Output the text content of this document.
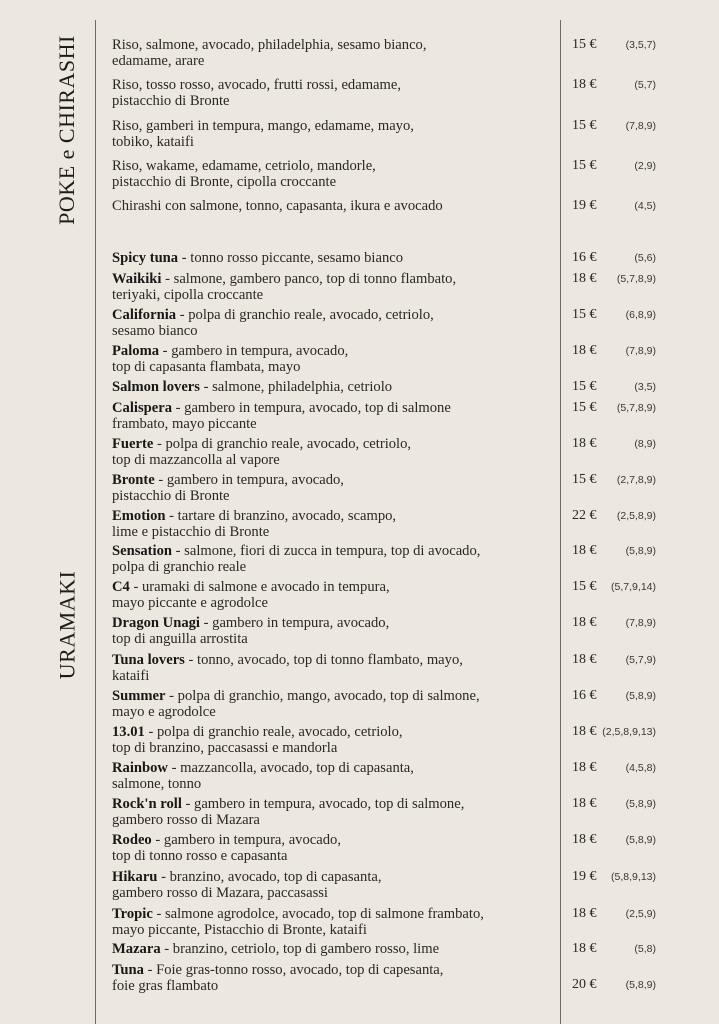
POKE e CHIRASHI
URAMAKI
Riso, salmone, avocado, philadelphia, sesamo bianco,
edamame, arare
15 €	(3,5,7)
Riso, tosso rosso, avocado, frutti rossi, edamame,
pistacchio di Bronte
18 €	(5,7)
Riso, gamberi in tempura, mango, edamame, mayo,
tobiko, kataifi
15 €	(7,8,9)
Riso, wakame, edamame, cetriolo, mandorle,
pistacchio di Bronte, cipolla croccante
15 €	(2,9)
Chirashi con salmone, tonno, capasanta, ikura e avocado	19 €	(4,5)
Spicy tuna - tonno rosso piccante, sesamo bianco	16 €	(5,6)
Waikiki - salmone, gambero panco, top di tonno flambato,
teriyaki, cipolla croccante
18 €	(5,7,8,9)
California - polpa di granchio reale, avocado, cetriolo,
sesamo bianco
15 €	(6,8,9)
Paloma - gambero in tempura, avocado,
top di capasanta flambata, mayo
18 €	(7,8,9)
Salmon lovers - salmone, philadelphia, cetriolo	15 €	(3,5)
Calispera - gambero in tempura, avocado, top di salmone
frambato, mayo piccante
15 €	(5,7,8,9)
Fuerte - polpa di granchio reale, avocado, cetriolo,
top di mazzancolla al vapore
18 €	(8,9)
Bronte - gambero in tempura, avocado,
pistacchio di Bronte
15 €	(2,7,8,9)
Emotion - tartare di branzino, avocado, scampo,
lime e pistacchio di Bronte
22 €	(2,5,8,9)
Sensation - salmone, fiori di zucca in tempura, top di avocado,
polpa di granchio reale
18 €	(5,8,9)
C4 - uramaki di salmone e avocado in tempura,
mayo piccante e agrodolce
15 €	(5,7,9,14)
Dragon Unagi - gambero in tempura, avocado,
top di anguilla arrostita
18 €	(7,8,9)
Tuna lovers - tonno, avocado, top di tonno flambato, mayo,
kataifi
18 €	(5,7,9)
Summer - polpa di granchio, mango, avocado, top di salmone,
mayo e agrodolce
16 €	(5,8,9)
13.01 - polpa di granchio reale, avocado, cetriolo,
top di branzino, paccasassi e mandorla
18 € (2,5,8,9,13)
Rainbow - mazzancolla, avocado, top di capasanta,
salmone, tonno
18 €	(4,5,8)
Rock'n roll - gambero in tempura, avocado, top di salmone,
gambero rosso di Mazara
18 €	(5,8,9)
Rodeo - gambero in tempura, avocado,
top di tonno rosso e capasanta
18 €	(5,8,9)
Hikaru - branzino, avocado, top di capasanta,
gambero rosso di Mazara, paccasassi
19 €	(5,8,9,13)
Tropic - salmone agrodolce, avocado, top di salmone frambato,
mayo piccante, Pistacchio di Bronte, kataifi
18 €	(2,5,9)
Mazara - branzino, cetriolo, top di gambero rosso, lime	18 €	(5,8)
Tuna - Foie gras-tonno rosso, avocado, top di capesanta,
foie gras flambato	20 €	(5,8,9)
